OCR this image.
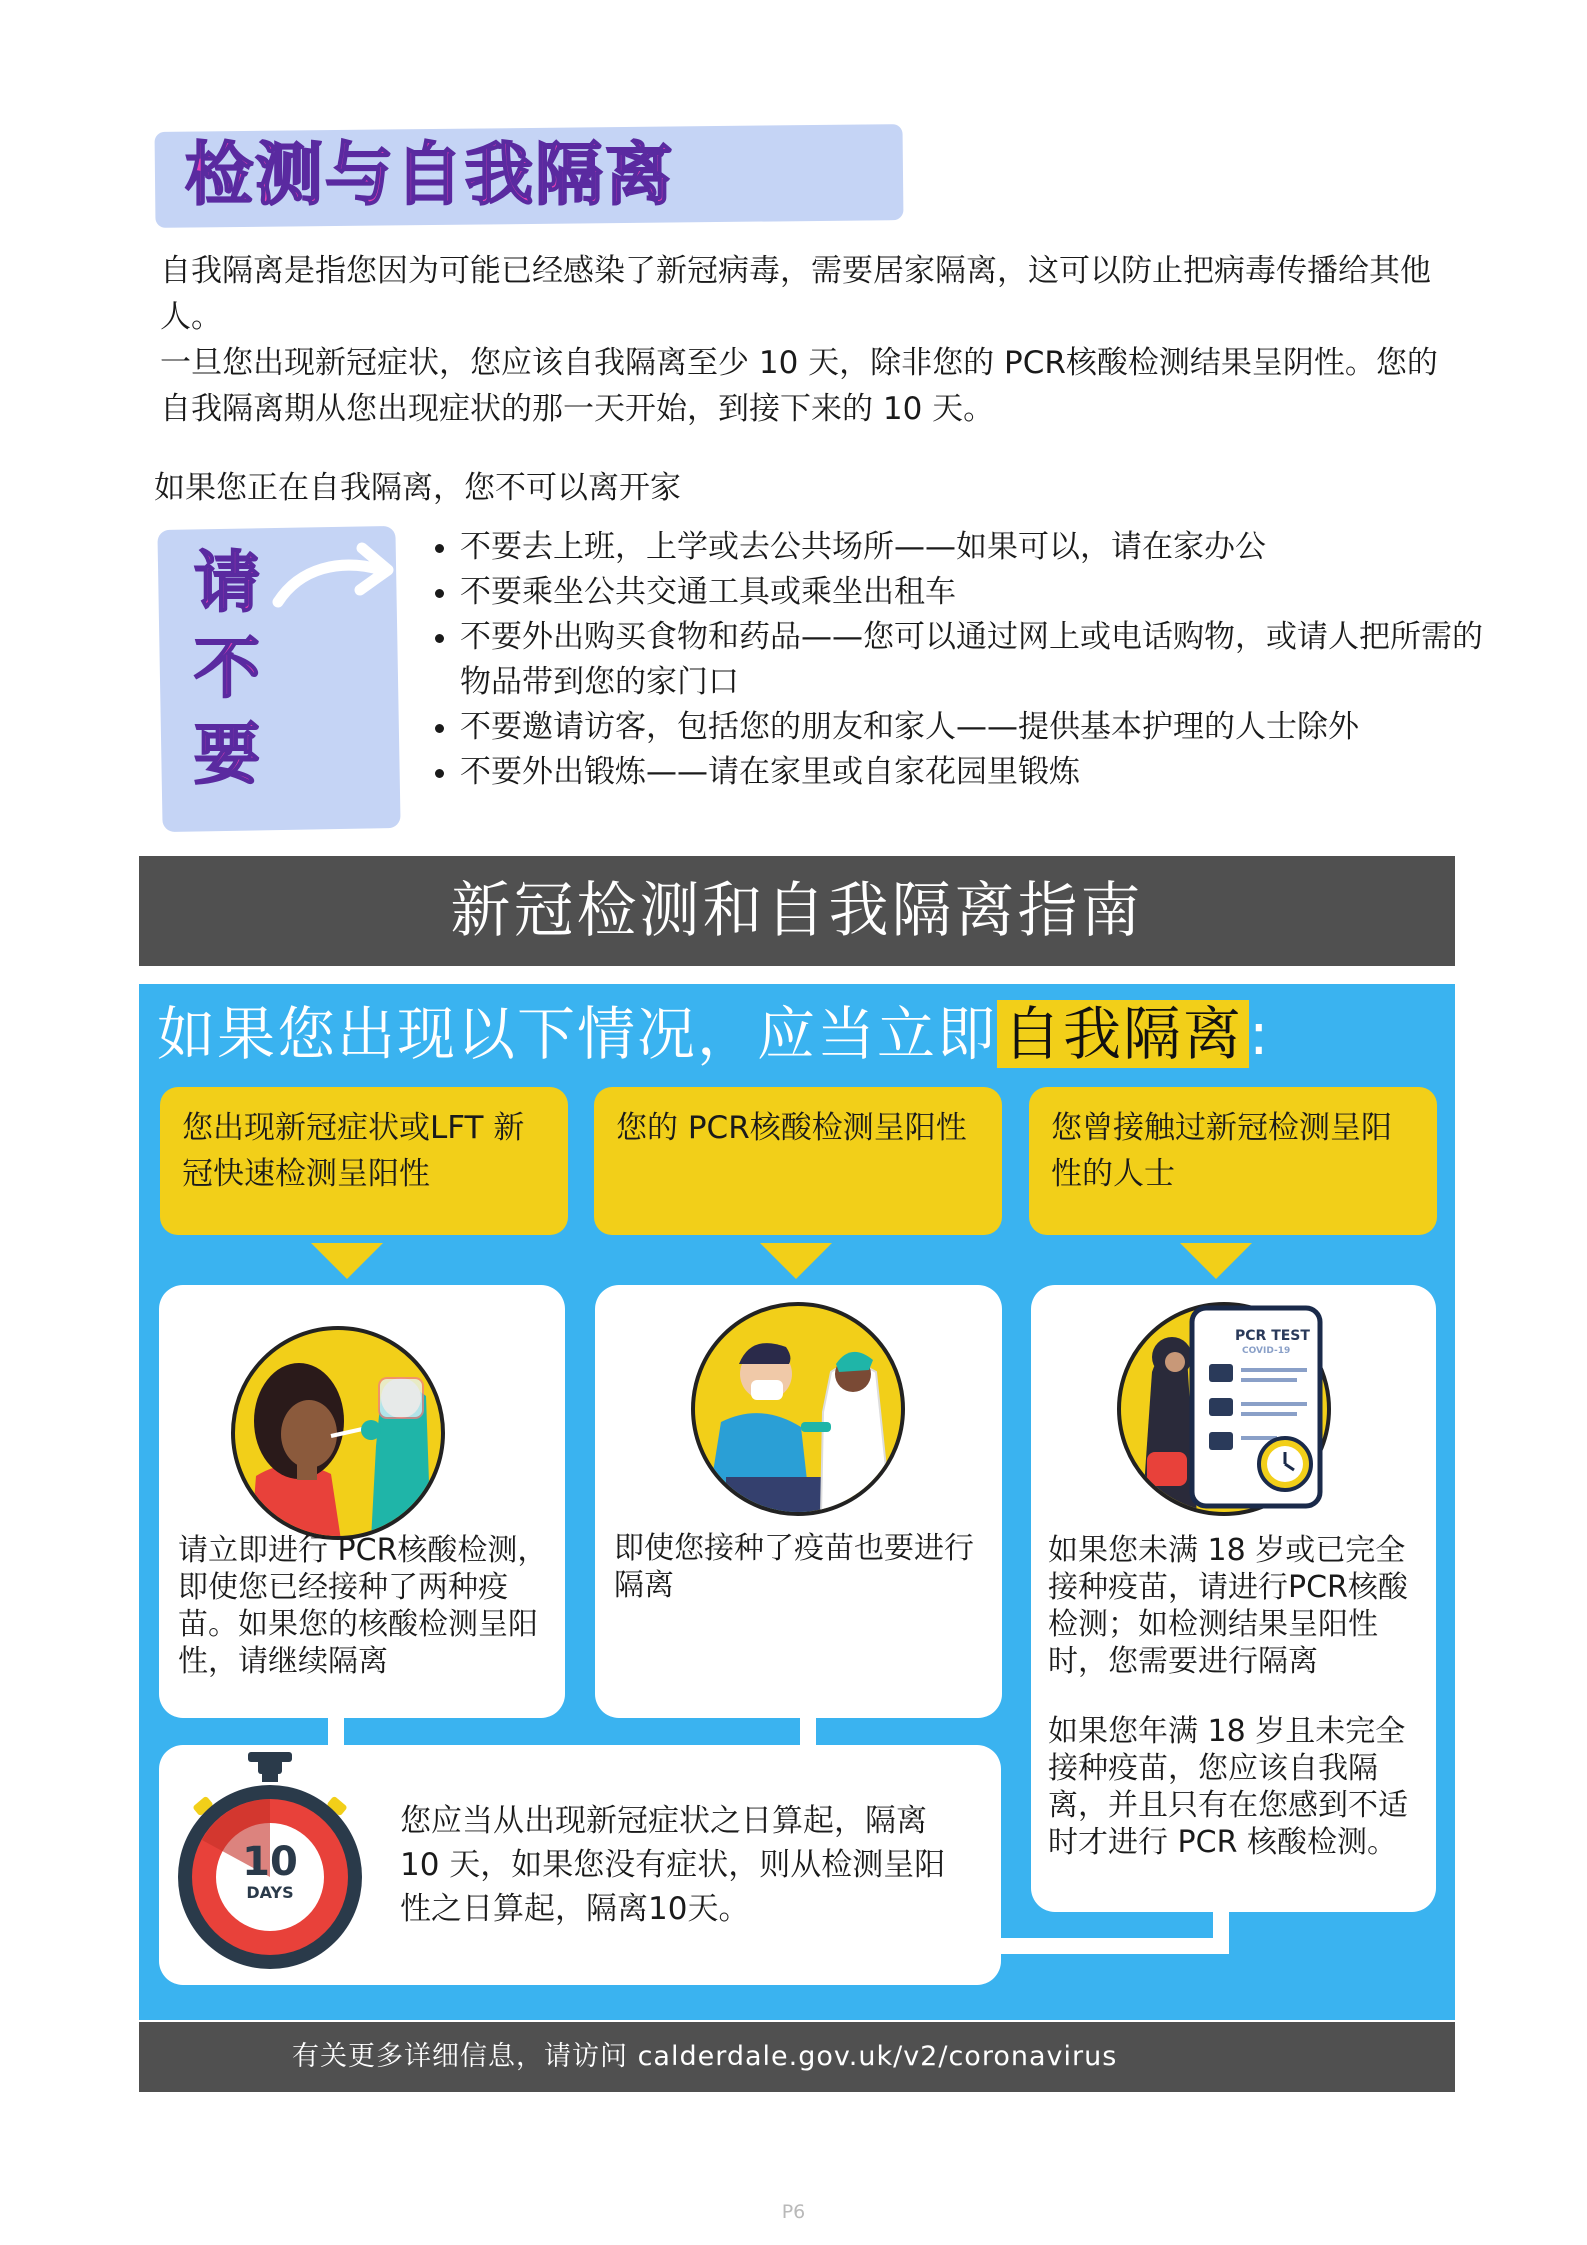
检测与自我隔离

自我隔离是指您因为可能已经感染了新冠病毒，需要居家隔离，这可以防止把病毒传播给其他人。

一旦您出现新冠症状，您应该自我隔离至少 10 天，除非您的 PCR核酸检测结果呈阴性。您的自我隔离期从您出现症状的那一天开始，到接下来的 10 天。

如果您正在自我隔离，您不可以离开家
请不要
• 不要去上班，上学或去公共场所——如果可以，请在家办公
• 不要乘坐公共交通工具或乘坐出租车
• 不要外出购买食物和药品——您可以通过网上或电话购物，或请人把所需的物品带到您的家门口
• 不要邀请访客，包括您的朋友和家人——提供基本护理的人士除外
• 不要外出锻炼——请在家里或自家花园里锻炼
新冠检测和自我隔离指南
如果您出现以下情况，应当立即 自我隔离 :
您出现新冠症状或LFT 新冠快速检测呈阳性
您的 PCR核酸检测呈阳性	您曾接触过新冠检测呈阳性的人士
请立即进行 PCR核酸检测，即使您已经接种了两种疫苗。如果您的核酸检测呈阳性，请继续隔离
即使您接种了疫苗也要进行隔离
PCR TEST
COVID-19
如果您未满 18 岁或已完全接种疫苗，请进行PCR核酸检测；如检测结果呈阳性时，您需要进行隔离
如果您年满 18 岁且未完全接种疫苗，您应该自我隔离，并且只有在您感到不适时才进行 PCR 核酸检测。
10
DAYS
您应当从出现新冠症状之日算起，隔离 10 天，如果您没有症状，则从检测呈阳性之日算起，隔离10天。
有关更多详细信息，请访问 calderdale.gov.uk/v2/coronavirus
P6
